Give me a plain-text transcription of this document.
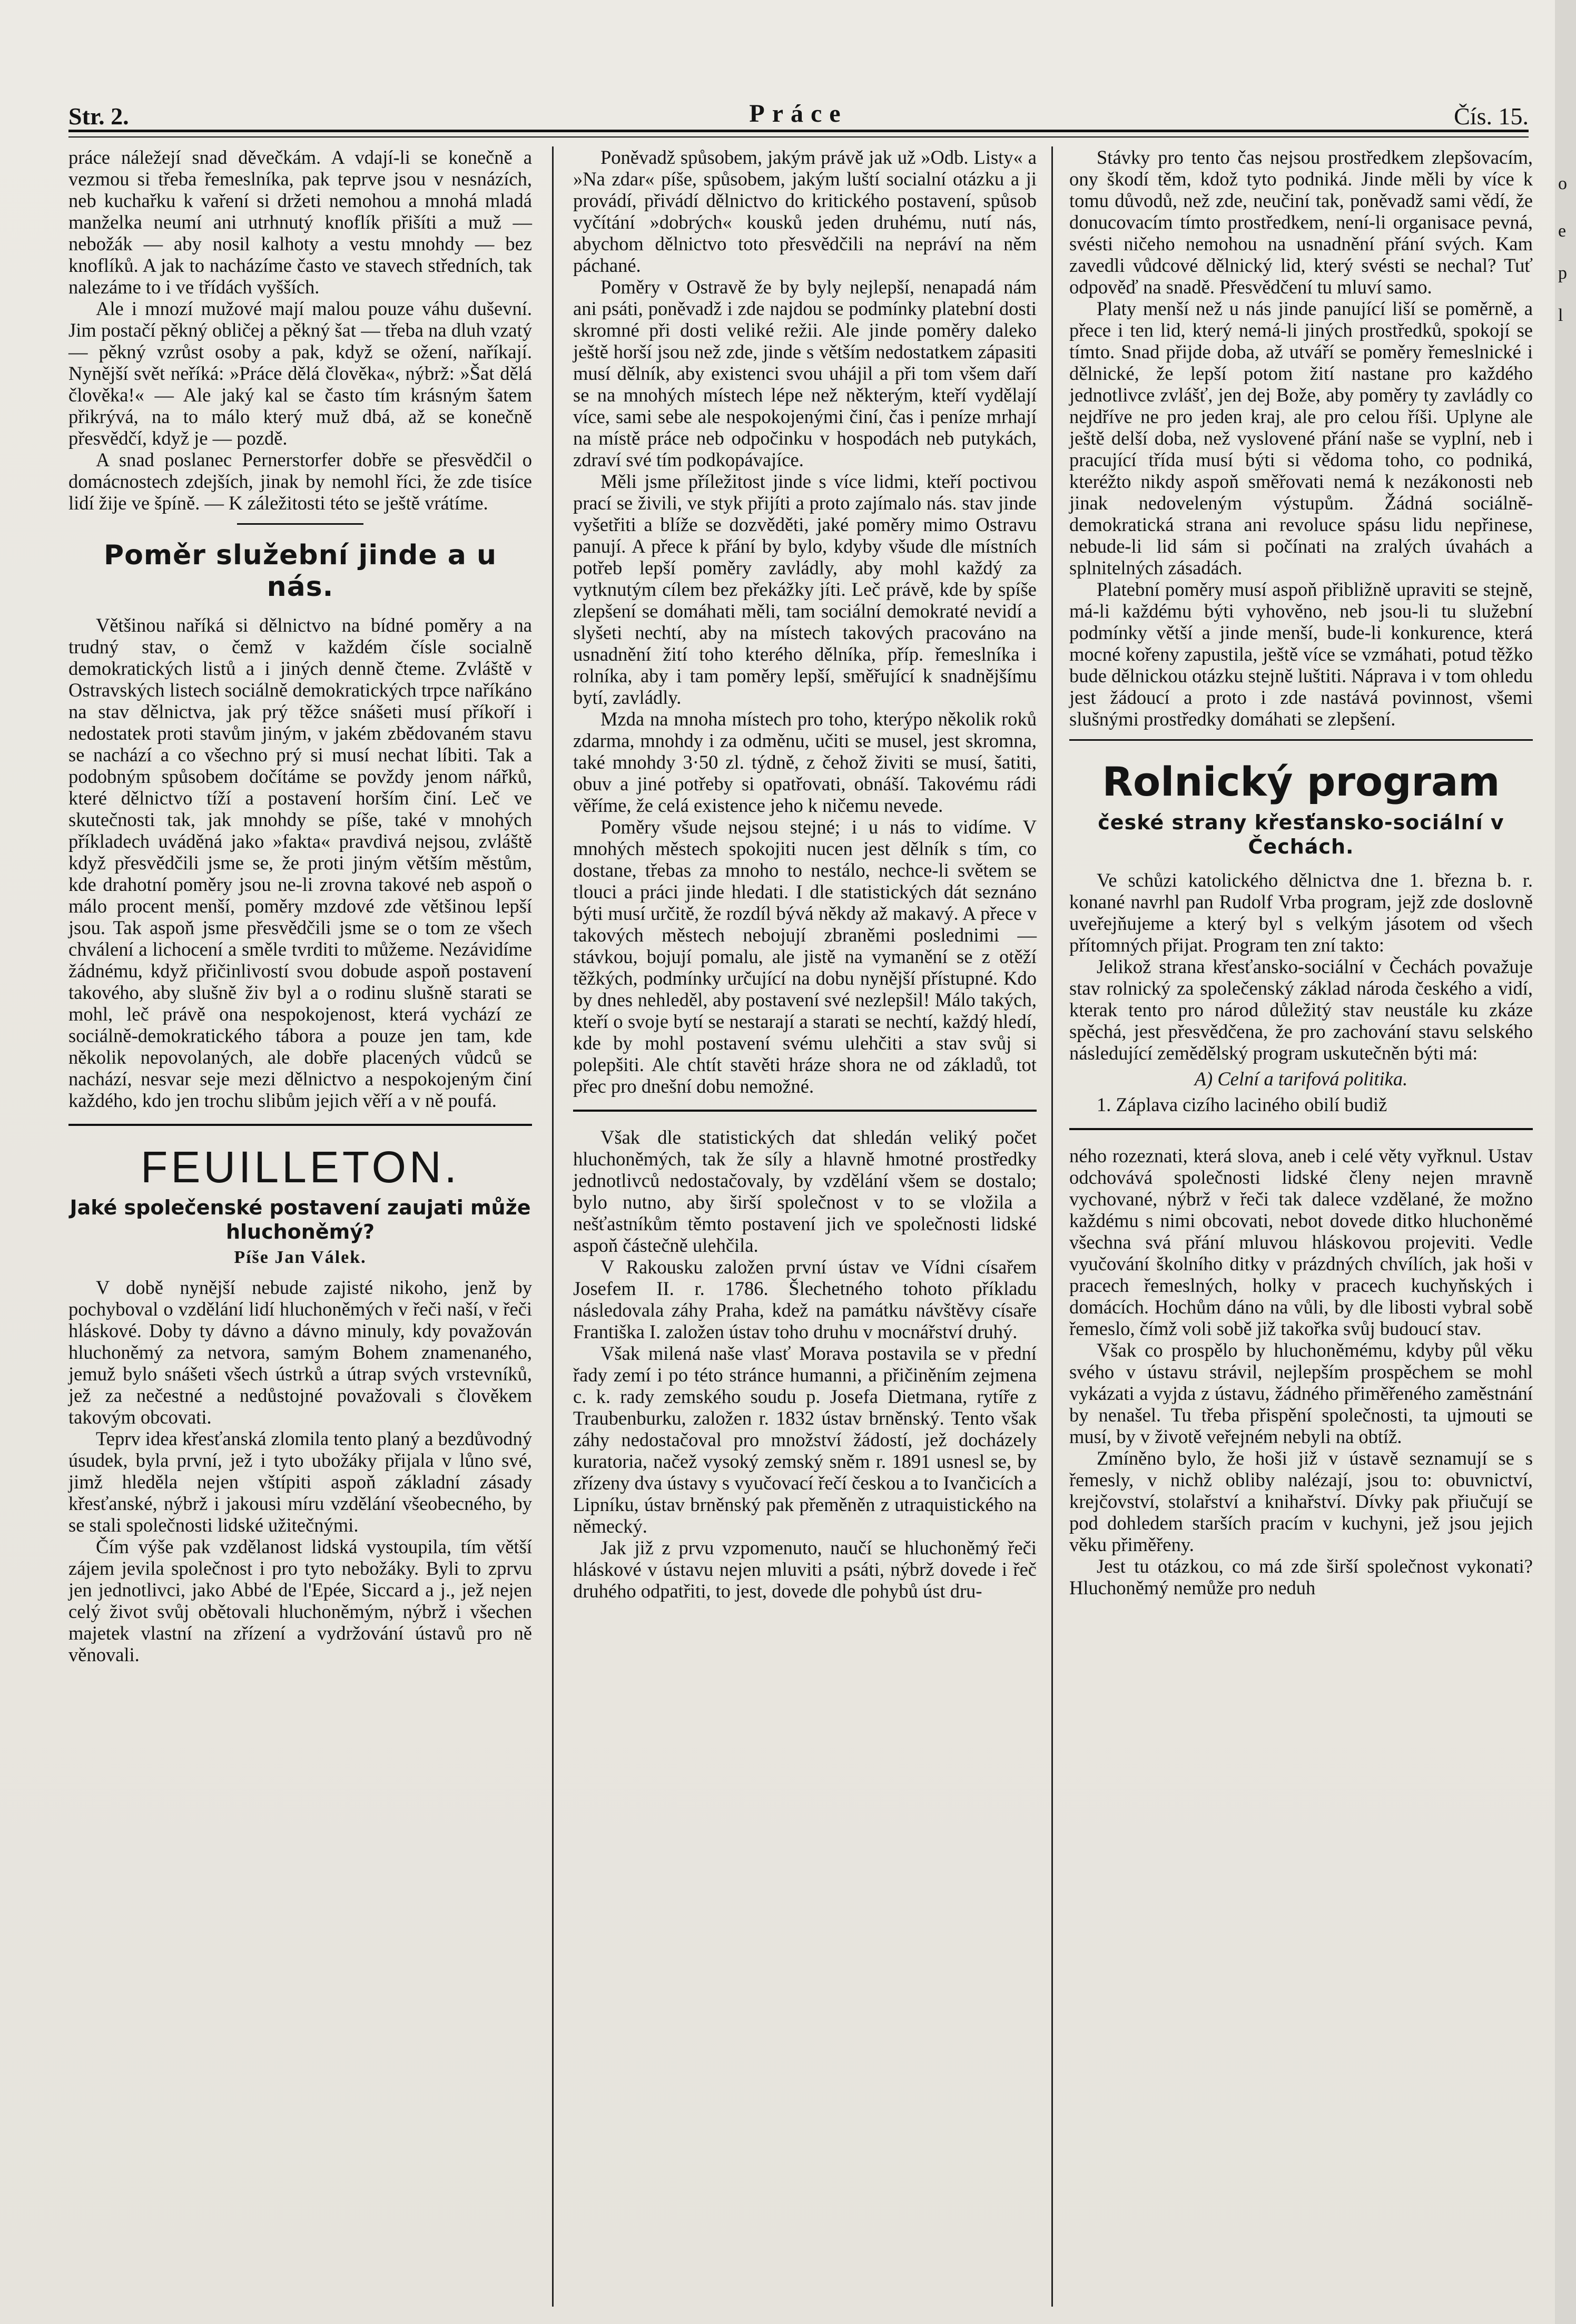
Str. 2.	Práce	Čís. 15.

práce náležejí snad děvečkám. A vdají-li se konečně a vezmou si třeba řemeslníka, pak teprve jsou v nesnázích, neb kuchařku k vaření si držeti nemohou a mnohá mladá manželka neumí ani utrhnutý knoflík přišíti a muž — nebožák — aby nosil kalhoty a vestu mnohdy — bez knoflíků. A jak to nacházíme často ve stavech středních, tak nalezáme to i ve třídách vyšších.

Ale i mnozí mužové mají malou pouze váhu duševní. Jim postačí pěkný obličej a pěkný šat — třeba na dluh vzatý — pěkný vzrůst osoby a pak, když se ožení, naříkají. Nynější svět neříká: »Práce dělá člověka«, nýbrž: »Šat dělá člověka!« — Ale jaký kal se často tím krásným šatem přikrývá, na to málo který muž dbá, až se konečně přesvědčí, když je — pozdě.

A snad poslanec Pernerstorfer dobře se přesvědčil o domácnostech zdejších, jinak by nemohl říci, že zde tisíce lidí žije ve špíně. — K záležitosti této se ještě vrátíme.

Poměr služební jinde a u nás.

Většinou naříká si dělnictvo na bídné poměry a na trudný stav, o čemž v každém čísle socialně demokratických listů a i jiných denně čteme. Zvláště v Ostravských listech sociálně demokratických trpce naříkáno na stav dělnictva, jak prý těžce snášeti musí příkoří i nedostatek proti stavům jiným, v jakém zbědovaném stavu se nachází a co všechno prý si musí nechat líbiti. Tak a podobným spůsobem dočítáme se povždy jenom nářků, které dělnictvo tíží a postavení horším činí. Leč ve skutečnosti tak, jak mnohdy se píše, také v mnohých příkladech uváděná jako »fakta« pravdivá nejsou, zvláště když přesvědčili jsme se, že proti jiným větším městům, kde drahotní poměry jsou ne-li zrovna takové neb aspoň o málo procent menší, poměry mzdové zde většinou lepší jsou. Tak aspoň jsme přesvědčili jsme se o tom ze všech chválení a lichocení a směle tvrditi to můžeme. Nezávidíme žádnému, když přičinlivostí svou dobude aspoň postavení takového, aby slušně živ byl a o rodinu slušně starati se mohl, leč právě ona nespokojenost, která vychází ze sociálně-demokratického tábora a pouze jen tam, kde několik nepovolaných, ale dobře placených vůdců se nachází, nesvar seje mezi dělnictvo a nespokojeným činí každého, kdo jen trochu slibům jejich věří a v ně poufá.

FEUILLETON.
Jaké společenské postavení zaujati může hluchoněmý?
Píše Jan Válek.

V době nynější nebude zajisté nikoho, jenž by pochyboval o vzdělání lidí hluchoněmých v řeči naší, v řeči hláskové. Doby ty dávno a dávno minuly, kdy považován hluchoněmý za netvora, samým Bohem znamenaného, jemuž bylo snášeti všech ústrků a útrap svých vrstevníků, jež za nečestné a nedůstojné považovali s člověkem takovým obcovati.

Teprv idea křesťanská zlomila tento planý a bezdůvodný úsudek, byla první, jež i tyto ubožáky přijala v lůno své, jimž hleděla nejen vštípiti aspoň základní zásady křesťanské, nýbrž i jakousi míru vzdělání všeobecného, by se stali společnosti lidské užitečnými.

Čím výše pak vzdělanost lidská vystoupila, tím větší zájem jevila společnost i pro tyto nebožáky. Byli to zprvu jen jednotlivci, jako Abbé de l'Epée, Siccard a j., jež nejen celý život svůj obětovali hluchoněmým, nýbrž i všechen majetek vlastní na zřízení a vydržování ústavů pro ně věnovali.

Poněvadž spůsobem, jakým právě jak už »Odb. Listy« a »Na zdar« píše, spůsobem, jakým luští socialní otázku a ji provádí, přivádí dělnictvo do kritického postavení, spůsob vyčítání »dobrých« kousků jeden druhému, nutí nás, abychom dělnictvo toto přesvědčili na nepráví na něm páchané.

Poměry v Ostravě že by byly nejlepší, nenapadá nám ani psáti, poněvadž i zde najdou se podmínky platební dosti skromné při dosti veliké režii. Ale jinde poměry daleko ještě horší jsou než zde, jinde s větším nedostatkem zápasiti musí dělník, aby existenci svou uhájil a při tom všem daří se na mnohých místech lépe než některým, kteří vydělají více, sami sebe ale nespokojenými činí, čas i peníze mrhají na místě práce neb odpočinku v hospodách neb putykách, zdraví své tím podkopávajíce.

Měli jsme příležitost jinde s více lidmi, kteří poctivou prací se živili, ve styk přijíti a proto zajímalo nás. stav jinde vyšetřiti a blíže se dozvěděti, jaké poměry mimo Ostravu panují. A přece k přání by bylo, kdyby všude dle místních potřeb lepší poměry zavládly, aby mohl každý za vytknutým cílem bez překážky jíti. Leč právě, kde by spíše zlepšení se domáhati měli, tam sociální demokraté nevidí a slyšeti nechtí, aby na místech takových pracováno na usnadnění žití toho kterého dělníka, příp. řemeslníka i rolníka, aby i tam poměry lepší, směřující k snadnějšímu bytí, zavládly.

Mzda na mnoha místech pro toho, kterýpo několik roků zdarma, mnohdy i za odměnu, učiti se musel, jest skromna, také mnohdy 3·50 zl. týdně, z čehož živiti se musí, šatiti, obuv a jiné potřeby si opatřovati, obnáší. Takovému rádi věříme, že celá existence jeho k ničemu nevede.

Poměry všude nejsou stejné; i u nás to vidíme. V mnohých městech spokojiti nucen jest dělník s tím, co dostane, třebas za mnoho to nestálo, nechce-li světem se tlouci a práci jinde hledati. I dle statistických dát seznáno býti musí určitě, že rozdíl bývá někdy až makavý. A přece v takových městech nebojují zbraněmi poslednimi — stávkou, bojují pomalu, ale jistě na vymanění se z otěží těžkých, podmínky určující na dobu nynější přístupné. Kdo by dnes nehleděl, aby postavení své nezlepšil! Málo takých, kteří o svoje bytí se nestarají a starati se nechtí, každý hledí, kde by mohl postavení svému ulehčiti a stav svůj si polepšiti. Ale chtít stavěti hráze shora ne od základů, tot přec pro dnešní dobu nemožné.

Však dle statistických dat shledán veliký počet hluchoněmých, tak že síly a hlavně hmotné prostředky jednotlivců nedostačovaly, by vzdělání všem se dostalo; bylo nutno, aby širší společnost v to se vložila a nešťastníkům těmto postavení jich ve společnosti lidské aspoň částečně ulehčila.

V Rakousku založen první ústav ve Vídni císařem Josefem II. r. 1786. Šlechetného tohoto příkladu následovala záhy Praha, kdež na památku návštěvy císaře Františka I. založen ústav toho druhu v mocnářství druhý.

Však milená naše vlasť Morava postavila se v přední řady zemí i po této stránce humanni, a přičiněním zejmena c. k. rady zemského soudu p. Josefa Dietmana, rytíře z Traubenburku, založen r. 1832 ústav brněnský. Tento však záhy nedostačoval pro množství žádostí, jež docházely kuratoria, načež vysoký zemský sněm r. 1891 usnesl se, by zřízeny dva ústavy s vyučovací řečí českou a to Ivančicích a Lipníku, ústav brněnský pak přeměněn z utraquistického na německý.

Jak již z prvu vzpomenuto, naučí se hluchoněmý řeči hláskové v ústavu nejen mluviti a psáti, nýbrž dovede i řeč druhého odpatřiti, to jest, dovede dle pohybů úst dru-

Stávky pro tento čas nejsou prostředkem zlepšovacím, ony škodí těm, kdož tyto podniká. Jinde měli by více k tomu důvodů, než zde, neučiní tak, poněvadž sami vědí, že donucovacím tímto prostředkem, není-li organisace pevná, svésti ničeho nemohou na usnadnění přání svých. Kam zavedli vůdcové dělnický lid, který svésti se nechal? Tuť odpověď na snadě. Přesvědčení tu mluví samo.

Platy menší než u nás jinde panující liší se poměrně, a přece i ten lid, který nemá-li jiných prostředků, spokojí se tímto. Snad přijde doba, až utváří se poměry řemeslnické i dělnické, že lepší potom žití nastane pro každého jednotlivce zvlášť, jen dej Bože, aby poměry ty zavládly co nejdříve ne pro jeden kraj, ale pro celou říši. Uplyne ale ještě delší doba, než vyslovené přání naše se vyplní, neb i pracující třída musí býti si vědoma toho, co podniká, kteréžto nikdy aspoň směřovati nemá k nezákonosti neb jinak nedoveleným výstupům. Žádná sociálně-demokratická strana ani revoluce spásu lidu nepřinese, nebude-li lid sám si počínati na zralých úvahách a splnitelných zásadách.

Platební poměry musí aspoň přibližně upraviti se stejně, má-li každému býti vyhověno, neb jsou-li tu služební podmínky větší a jinde menší, bude-li konkurence, která mocné kořeny zapustila, ještě více se vzmáhati, potud těžko bude dělnickou otázku stejně luštiti. Náprava i v tom ohledu jest žádoucí a proto i zde nastává povinnost, všemi slušnými prostředky domáhati se zlepšení.

Rolnický program
české strany křesťansko-sociální v Čechách.

Ve schůzi katolického dělnictva dne 1. března b. r. konané navrhl pan Rudolf Vrba program, jejž zde doslovně uveřejňujeme a který byl s velkým jásotem od všech přítomných přijat. Program ten zní takto:

Jelikož strana křesťansko-sociální v Čechách považuje stav rolnický za společenský základ národa českého a vidí, kterak tento pro národ důležitý stav neustále ku zkáze spěchá, jest přesvědčena, že pro zachování stavu selského následující zemědělský program uskutečněn býti má:

A) Celní a tarifová politika.

1. Záplava cizího laciného obilí budiž

ného rozeznati, která slova, aneb i celé věty vyřknul. Ustav odchovává společnosti lidské členy nejen mravně vychované, nýbrž v řeči tak dalece vzdělané, že možno každému s nimi obcovati, nebot dovede ditko hluchoněmé všechna svá přání mluvou hláskovou projeviti. Vedle vyučování školního ditky v prázdných chvílích, jak hoši v pracech řemeslných, holky v pracech kuchyňských i domácích. Hochům dáno na vůli, by dle libosti vybral sobě řemeslo, čímž voli sobě již takořka svůj budoucí stav.

Však co prospělo by hluchoněmému, kdyby půl věku svého v ústavu strávil, nejlepším prospěchem se mohl vykázati a vyjda z ústavu, žádného přiměřeného zaměstnání by nenašel. Tu třeba přispění společnosti, ta ujmouti se musí, by v životě veřejném nebyli na obtíž.

Zmíněno bylo, že hoši již v ústavě seznamují se s řemesly, v nichž obliby nalézají, jsou to: obuvnictví, krejčovství, stolařství a knihařství. Dívky pak přiučují se pod dohledem starších pracím v kuchyni, jež jsou jejich věku přiměřeny.

Jest tu otázkou, co má zde širší společnost vykonati? Hluchoněmý nemůže pro neduh

o
e
p
l
